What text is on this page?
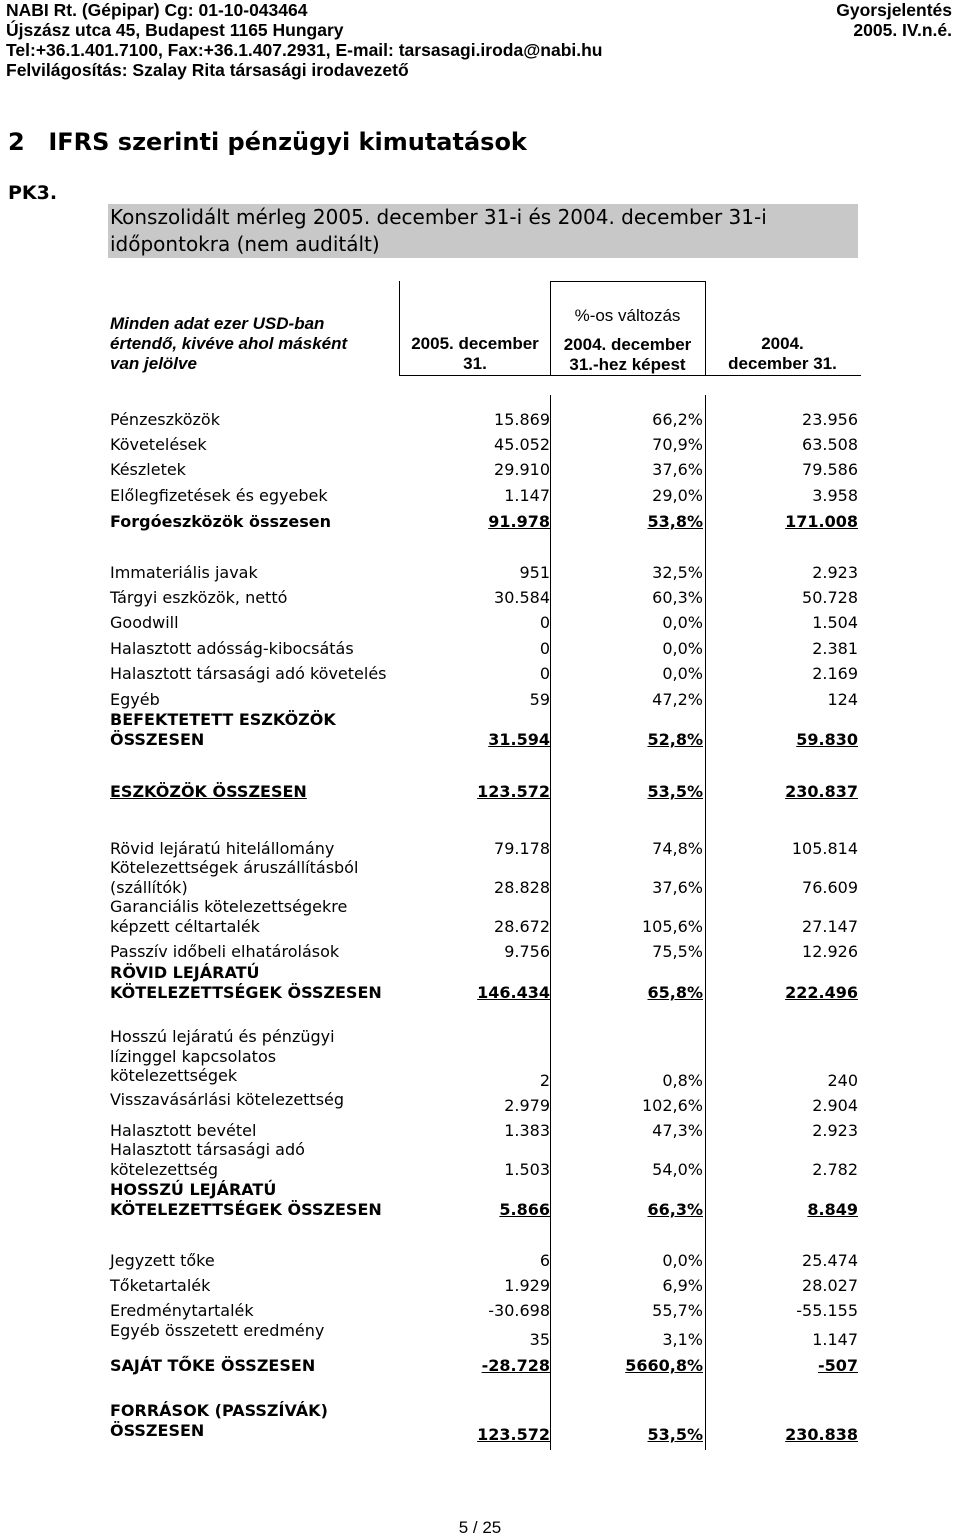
NABI Rt. (Gépipar) Cg: 01-10-043464
Újszász utca 45, Budapest 1165 Hungary
Tel:+36.1.401.7100, Fax:+36.1.407.2931, E-mail: tarsasagi.iroda@nabi.hu
Felvilágosítás: Szalay Rita társasági irodavezető
Gyorsjelentés
2005. IV.n.é.
2 IFRS szerinti pénzügyi kimutatások
PK3.
Konszolidált mérleg 2005. december 31-i és 2004. december 31-i
időpontokra (nem auditált)
Minden adat ezer USD-ban
értendő, kivéve ahol másként
van jelölve
2005. december
31.
%-os változás
2004. december
31.-hez képest
2004.
december 31.
Pénzeszközök	15.869	66,2%	23.956
Követelések	45.052	70,9%	63.508
Készletek	29.910	37,6%	79.586
Előlegfizetések és egyebek	1.147	29,0%	3.958
Forgóeszközök összesen	91.978	53,8%	171.008
Immateriális javak	951	32,5%	2.923
Tárgyi eszközök, nettó	30.584	60,3%	50.728
Goodwill	0	0,0%	1.504
Halasztott adósság-kibocsátás	0	0,0%	2.381
Halasztott társasági adó követelés	0	0,0%	2.169
Egyéb	59	47,2%	124
BEFEKTETETT ESZKÖZÖK ÖSSZESEN	31.594	52,8%	59.830
ESZKÖZÖK ÖSSZESEN	123.572	53,5%	230.837
Rövid lejáratú hitelállomány	79.178	74,8%	105.814
Kötelezettségek áruszállításból (szállítók)	28.828	37,6%	76.609
Garanciális kötelezettségekre képzett céltartalék	28.672	105,6%	27.147
Passzív időbeli elhatárolások	9.756	75,5%	12.926
RÖVID LEJÁRATÚ KÖTELEZETTSÉGEK ÖSSZESEN	146.434	65,8%	222.496
Hosszú lejáratú és pénzügyi lízinggel kapcsolatos kötelezettségek	2	0,8%	240
Visszavásárlási kötelezettség	2.979	102,6%	2.904
Halasztott bevétel	1.383	47,3%	2.923
Halasztott társasági adó kötelezettség	1.503	54,0%	2.782
HOSSZÚ LEJÁRATÚ KÖTELEZETTSÉGEK ÖSSZESEN	5.866	66,3%	8.849
Jegyzett tőke	6	0,0%	25.474
Tőketartalék	1.929	6,9%	28.027
Eredménytartalék	-30.698	55,7%	-55.155
Egyéb összetett eredmény	35	3,1%	1.147
SAJÁT TŐKE ÖSSZESEN	-28.728	5660,8%	-507
FORRÁSOK (PASSZÍVÁK) ÖSSZESEN	123.572	53,5%	230.838
5 / 25
